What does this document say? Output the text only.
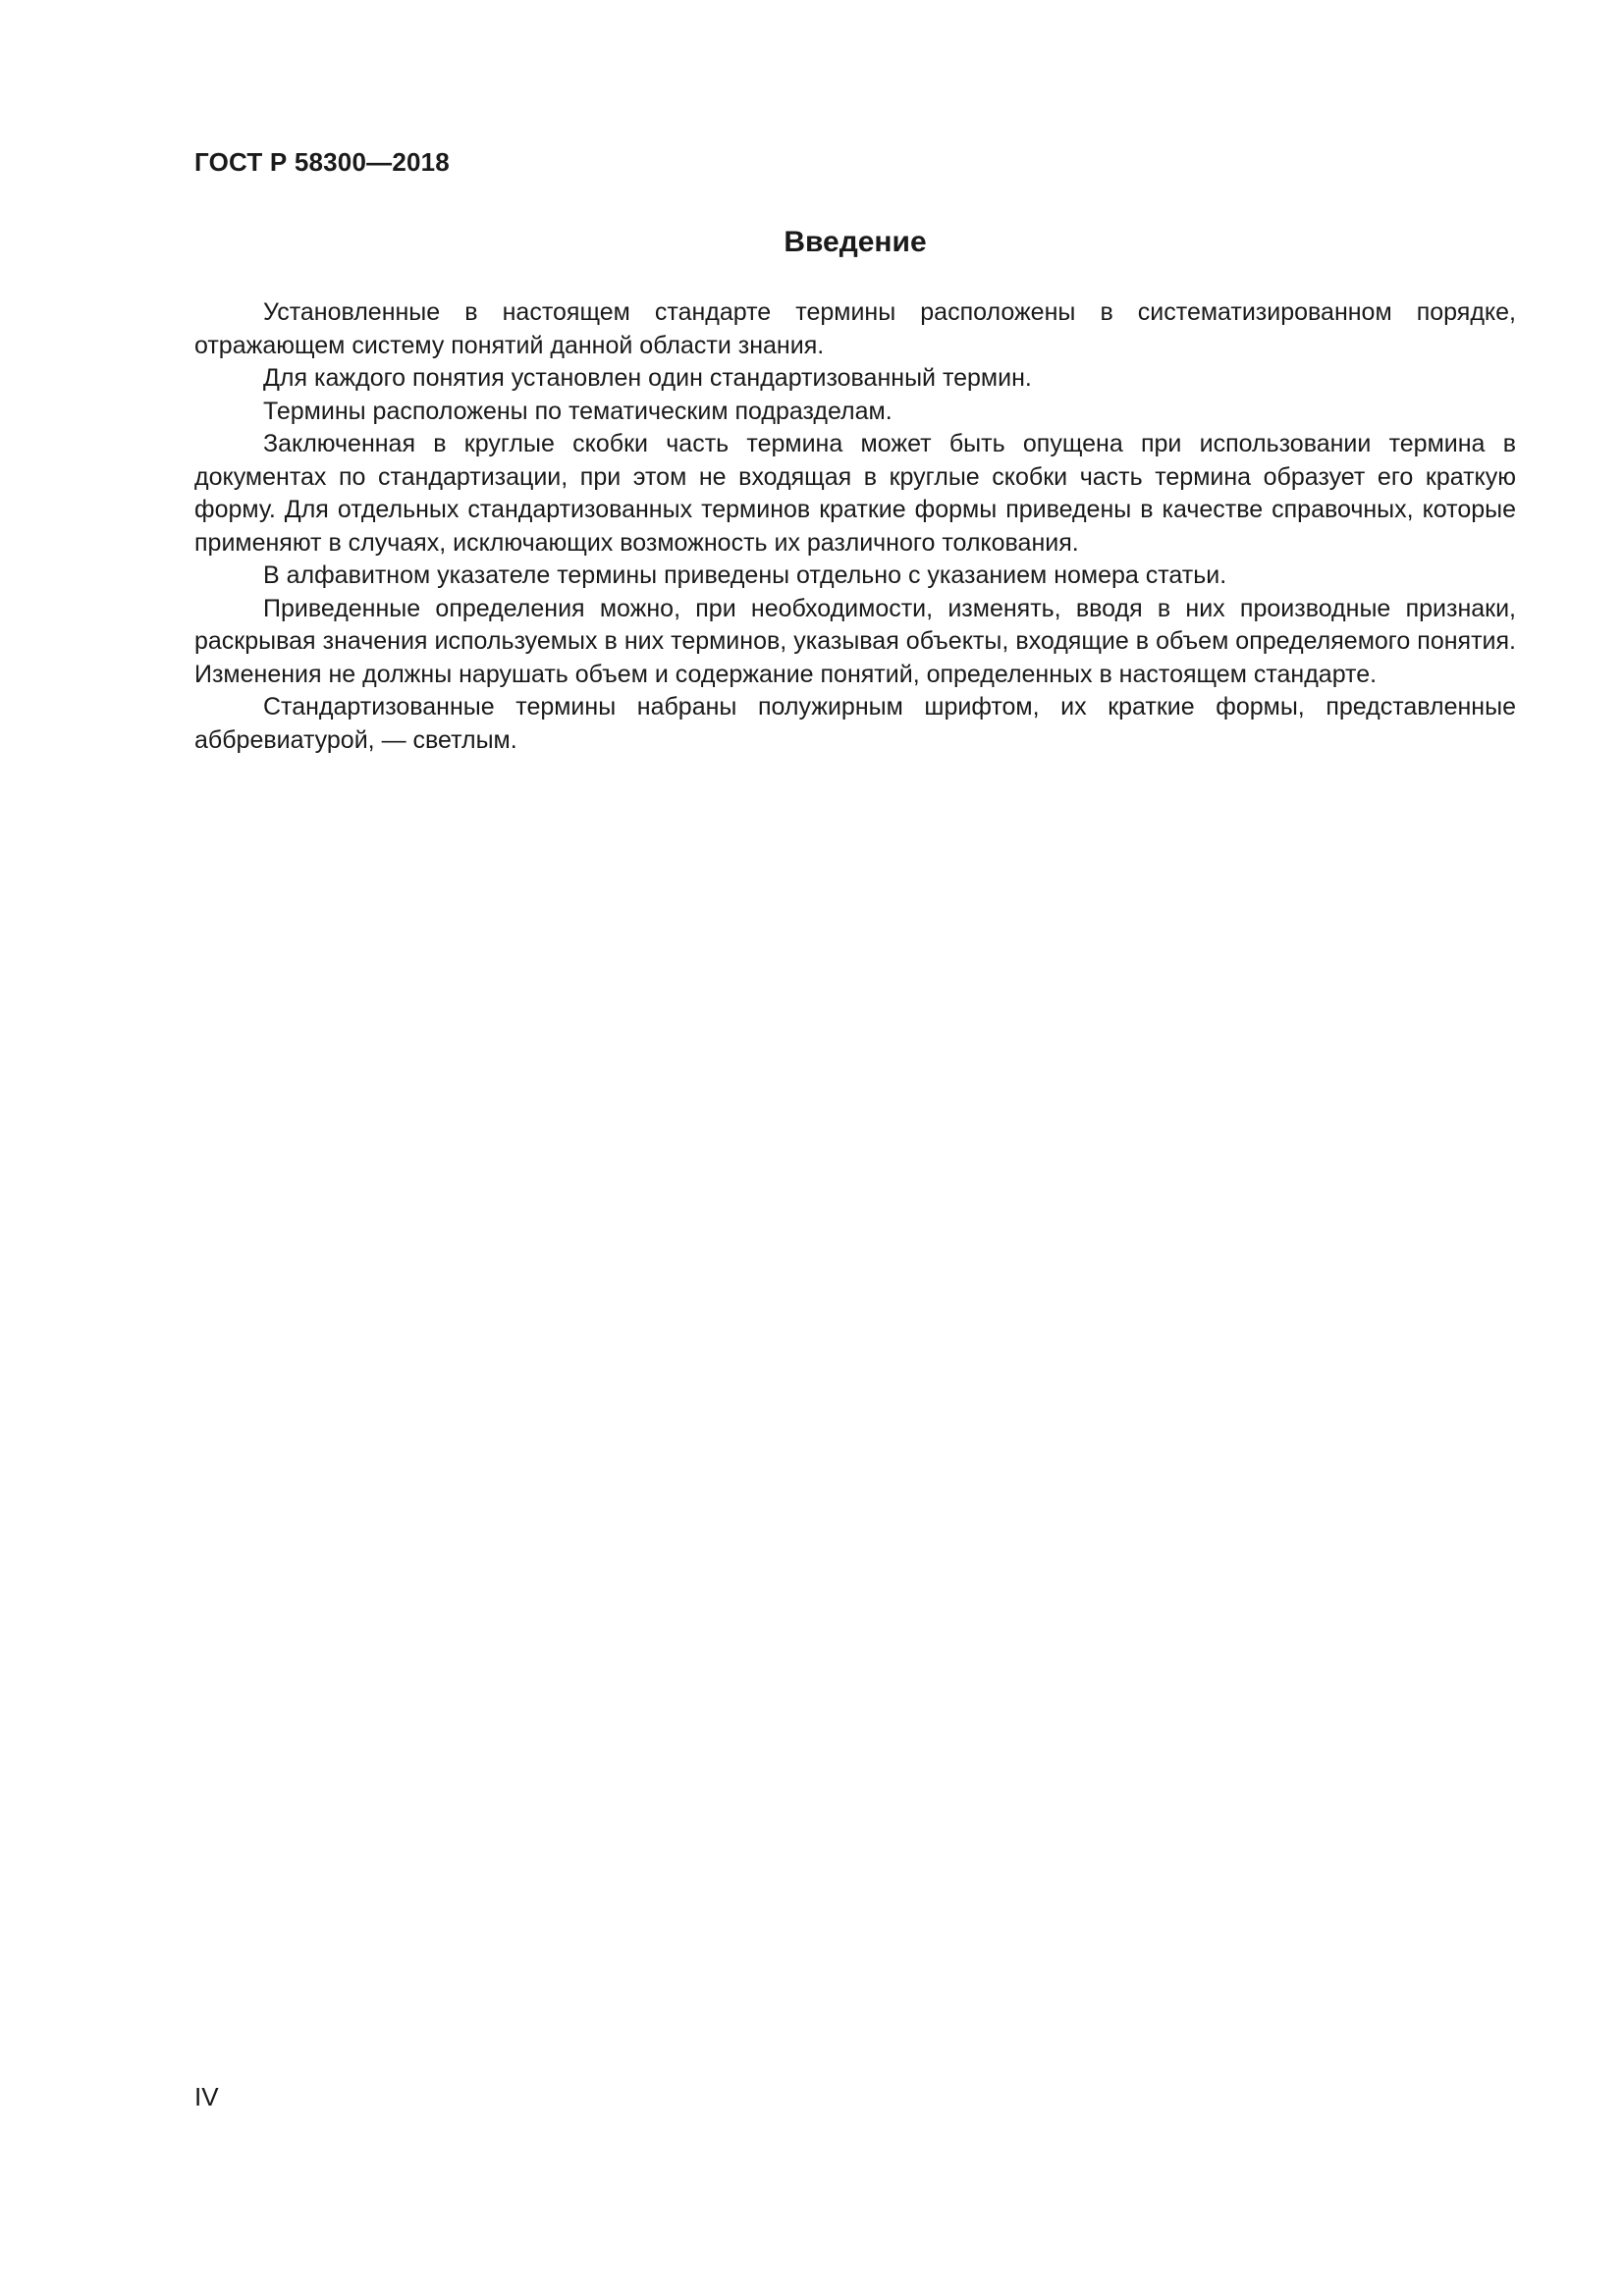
ГОСТ Р 58300—2018
Введение

Установленные в настоящем стандарте термины расположены в систематизированном порядке, отражающем систему понятий данной области знания.

Для каждого понятия установлен один стандартизованный термин.

Термины расположены по тематическим подразделам.

Заключенная в круглые скобки часть термина может быть опущена при использовании термина в документах по стандартизации, при этом не входящая в круглые скобки часть термина образует его краткую форму. Для отдельных стандартизованных терминов краткие формы приведены в качестве справочных, которые применяют в случаях, исключающих возможность их различного толкования.

В алфавитном указателе термины приведены отдельно с указанием номера статьи.

Приведенные определения можно, при необходимости, изменять, вводя в них производные признаки, раскрывая значения используемых в них терминов, указывая объекты, входящие в объем определяемого понятия. Изменения не должны нарушать объем и содержание понятий, определенных в настоящем стандарте.

Стандартизованные термины набраны полужирным шрифтом, их краткие формы, представленные аббревиатурой, — светлым.

IV
